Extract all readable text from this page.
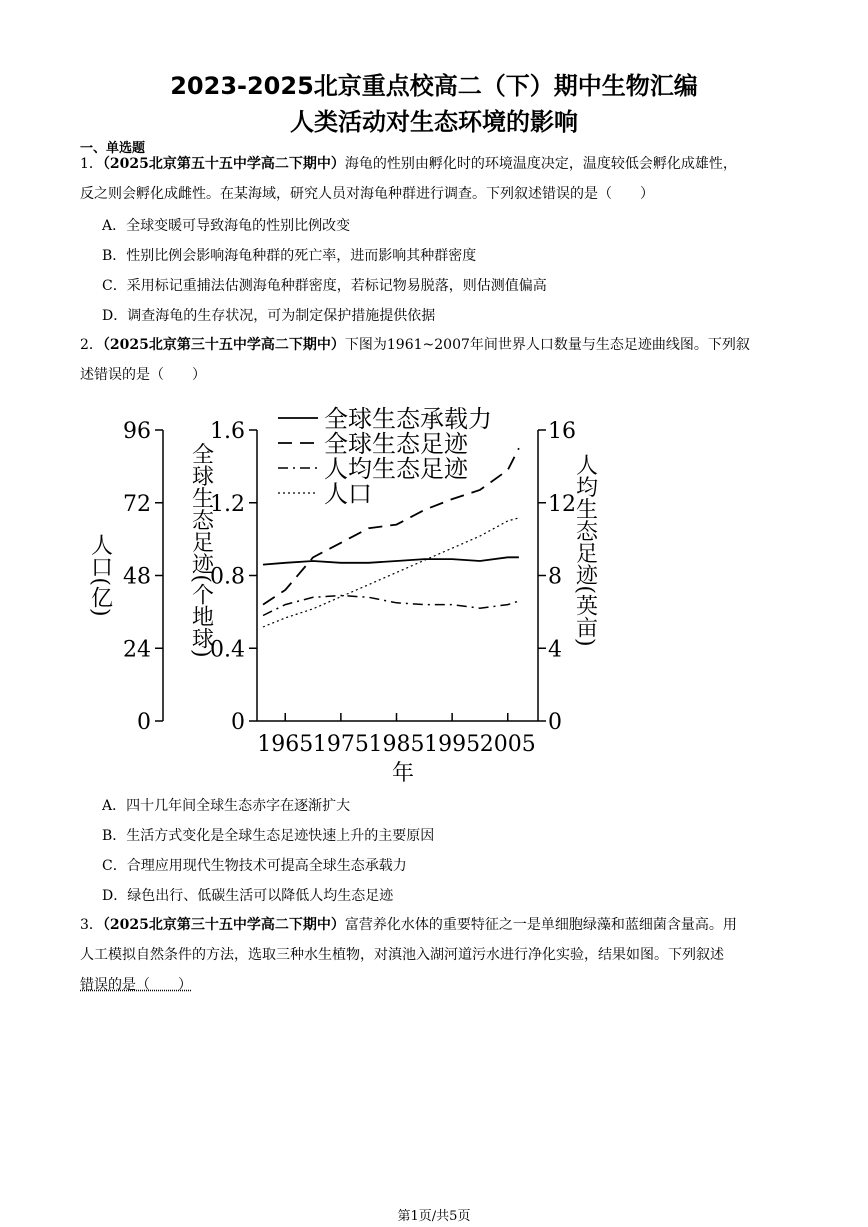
2023-2025北京重点校高二（下）期中生物汇编
人类活动对生态环境的影响
一、单选题
1．（2025北京第五十五中学高二下期中）海龟的性别由孵化时的环境温度决定，温度较低会孵化成雄性，
反之则会孵化成雌性。在某海域，研究人员对海龟种群进行调查。下列叙述错误的是（　　）
A．全球变暖可导致海龟的性别比例改变
B．性别比例会影响海龟种群的死亡率，进而影响其种群密度
C．采用标记重捕法估测海龟种群密度，若标记物易脱落，则估测值偏高
D．调查海龟的生存状况，可为制定保护措施提供依据
2．（2025北京第三十五中学高二下期中）下图为1961~2007年间世界人口数量与生态足迹曲线图。下列叙
述错误的是（　　）
96
72
48
24
0
1.6
1.2
0.8
0.4
0
16
12
8
4
0
1965 1975 1985 1995 2005
人口(亿)	全球生态足迹(个地球)	人均生态足迹(英亩)
年
全球生态承载力
全球生态足迹
人均生态足迹
人口
A．四十几年间全球生态赤字在逐渐扩大
B．生活方式变化是全球生态足迹快速上升的主要原因
C．合理应用现代生物技术可提高全球生态承载力
D．绿色出行、低碳生活可以降低人均生态足迹
3．（2025北京第三十五中学高二下期中）富营养化水体的重要特征之一是单细胞绿藻和蓝细菌含量高。用
人工模拟自然条件的方法，选取三种水生植物，对滇池入湖河道污水进行净化实验，结果如图。下列叙述
错误的是（　　）
第1页/共5页
